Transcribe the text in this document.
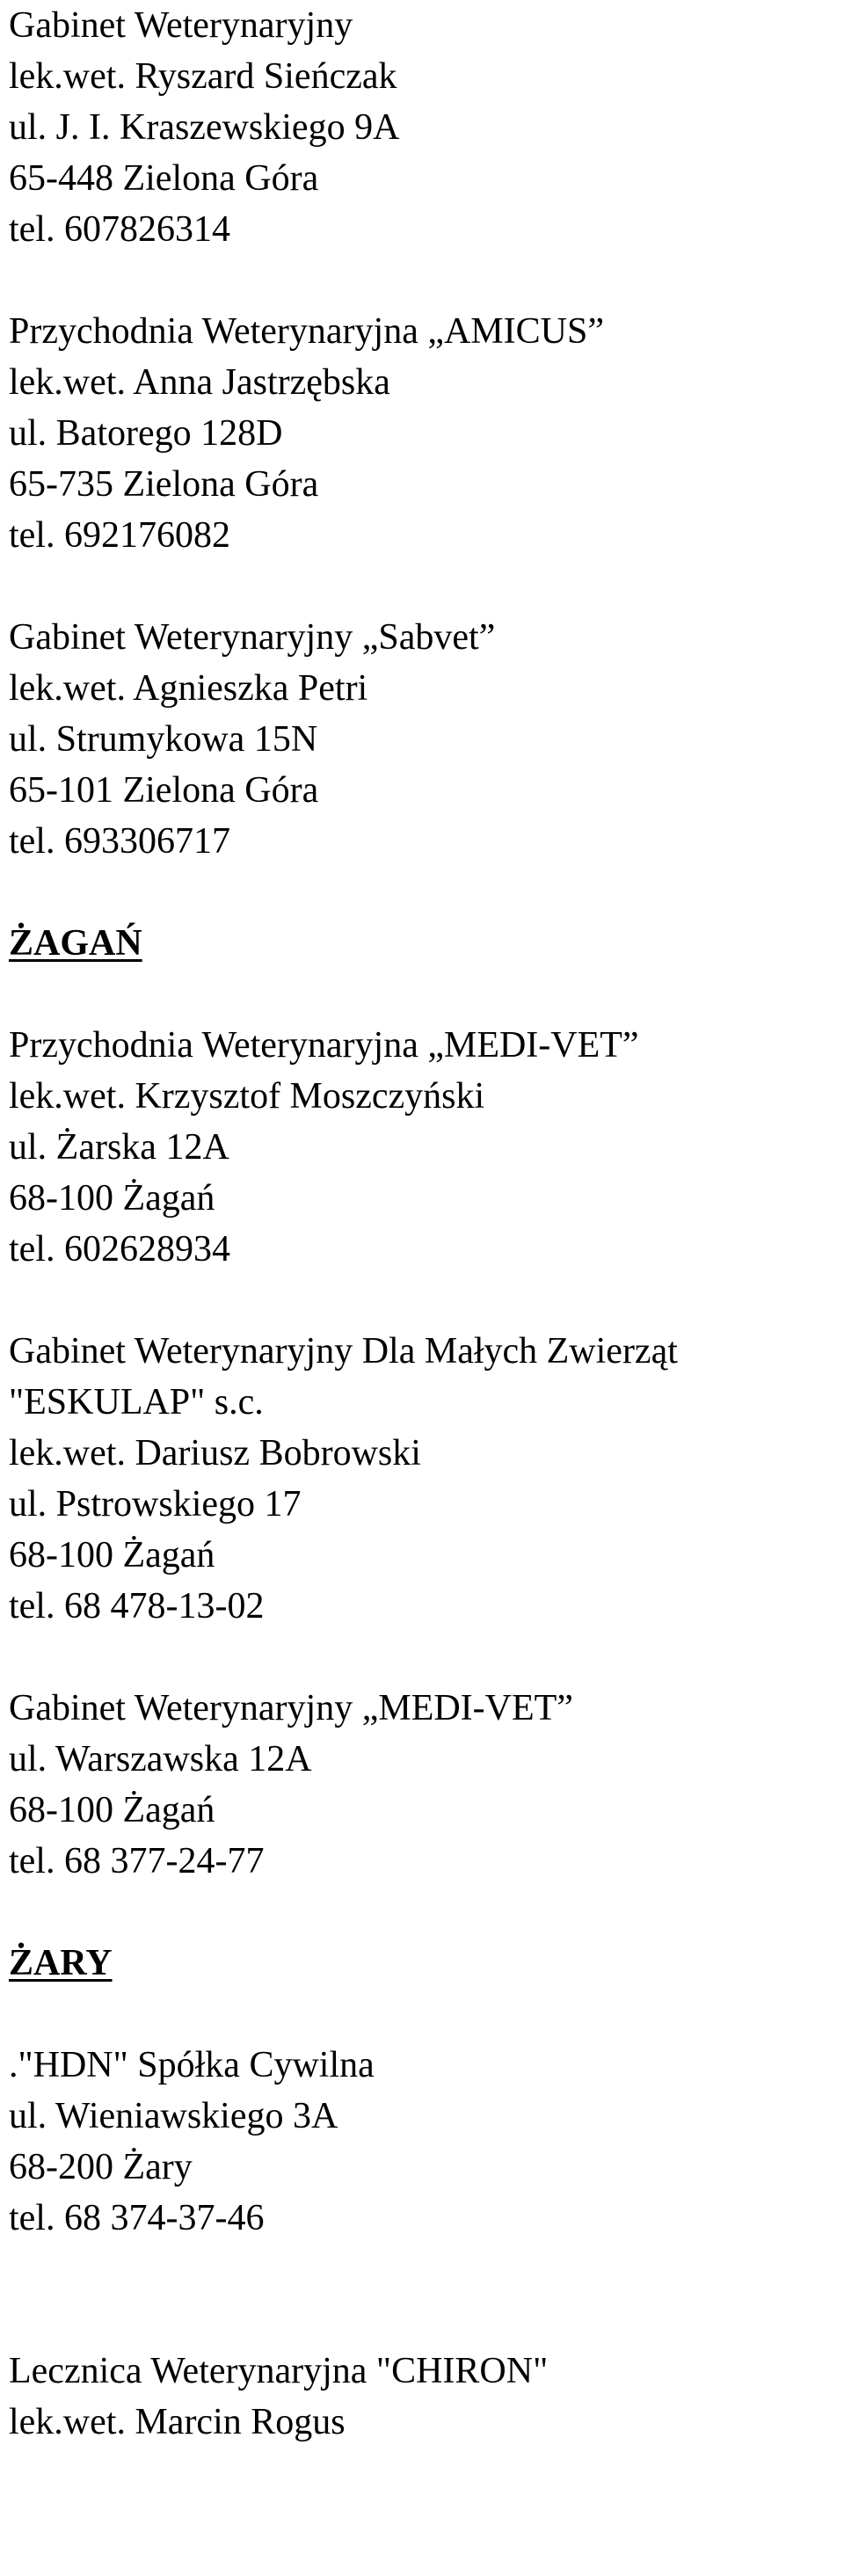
Gabinet Weterynaryjny
lek.wet. Ryszard Sieńczak
ul. J. I. Kraszewskiego 9A
65-448 Zielona Góra
tel. 607826314
Przychodnia Weterynaryjna „AMICUS”
lek.wet. Anna Jastrzębska
ul. Batorego 128D
65-735 Zielona Góra
tel. 692176082
Gabinet Weterynaryjny „Sabvet”
lek.wet. Agnieszka Petri
ul. Strumykowa 15N
65-101 Zielona Góra
tel. 693306717
ŻAGAŃ
Przychodnia Weterynaryjna „MEDI-VET”
lek.wet. Krzysztof Moszczyński
ul. Żarska 12A
68-100 Żagań
tel. 602628934
Gabinet Weterynaryjny Dla Małych Zwierząt
"ESKULAP" s.c.
lek.wet. Dariusz Bobrowski
ul. Pstrowskiego 17
68-100 Żagań
tel. 68 478-13-02
Gabinet Weterynaryjny „MEDI-VET”
ul. Warszawska 12A
68-100 Żagań
tel. 68 377-24-77
ŻARY
."HDN" Spółka Cywilna
ul. Wieniawskiego 3A
68-200 Żary
tel. 68 374-37-46
Lecznica Weterynaryjna "CHIRON"
lek.wet. Marcin Rogus
